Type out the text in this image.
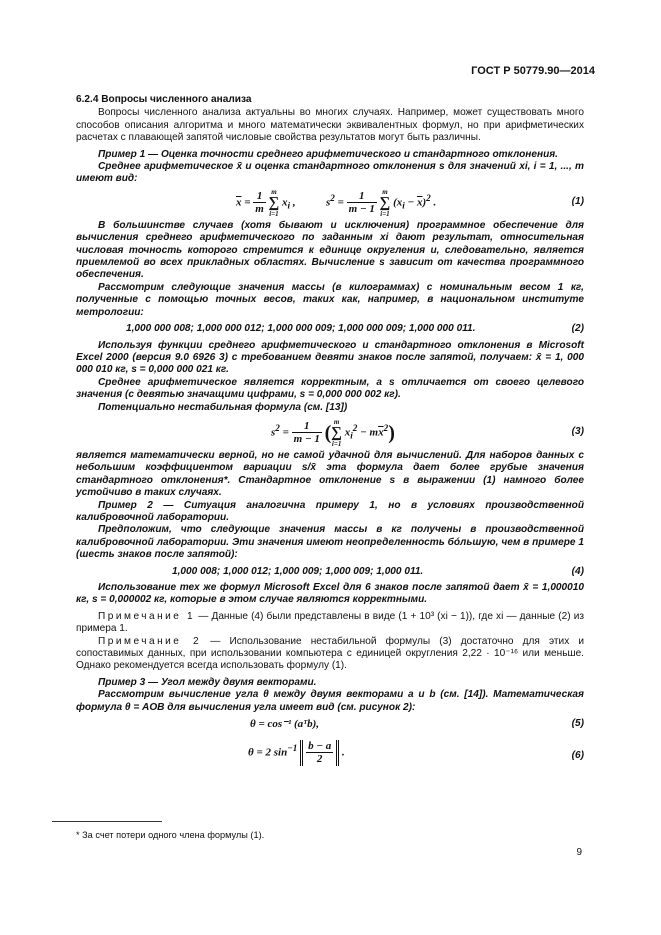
ГОСТ Р 50779.90—2014

6.2.4 Вопросы численного анализа

Вопросы численного анализа актуальны во многих случаях. Например, может существовать много способов описания алгоритма и много математически эквивалентных формул, но при арифметических расчетах с плавающей запятой числовые свойства результатов могут быть различны.

Пример 1 — Оценка точности среднего арифметического и стандартного отклонения.

Среднее арифметическое x̄ и оценка стандартного отклонения s для значений xi, i = 1, ..., m имеют вид:

$\overline{x} = \frac{1}{m}$ m
∑
i=1 $x_i$ ,	$s^2 = \frac{1}{m - 1}$ m
∑
i=1 $(x_i - \overline{x})^2$ .	(1)

В большинстве случаев (хотя бывают и исключения) программное обеспечение для вычисления среднего арифметического по заданным xi дают результат, относительная числовая точность которого стремится к единице округления и, следовательно, является приемлемой во всех прикладных областях. Вычисление s зависит от качества программного обеспечения.

Рассмотрим следующие значения массы (в килограммах) с номинальным весом 1 кг, полученные с помощью точных весов, таких как, например, в национальном институте метрологии:

1,000 000 008; 1,000 000 012; 1,000 000 009; 1,000 000 009; 1,000 000 011.	(2)

Используя функции среднего арифметического и стандартного отклонения в Microsoft Excel 2000 (версия 9.0 6926 3) с требованием девяти знаков после запятой, получаем: x̄ = 1, 000 000 010 кг, s = 0,000 000 021 кг.

Среднее арифметическое является корректным, а s отличается от своего целевого значения (с девятью значащими цифрами, s = 0,000 000 002 кг).

Потенциально нестабильная формула (см. [13])

$s^2 = \frac{1}{m - 1}$ ( m
∑
i=1 $x_i^2 - m\overline{x}^2$)	(3)

является математически верной, но не самой удачной для вычислений. Для наборов данных с небольшим коэффициентом вариации s/x̄ эта формула дает более грубые значения стандартного отклонения*. Стандартное отклонение s в выражении (1) намного более устойчиво в таких случаях.

Пример 2 — Ситуация аналогична примеру 1, но в условиях производственной калибровочной лаборатории.

Предположим, что следующие значения массы в кг получены в производственной калибровочной лаборатории. Эти значения имеют неопределенность бóльшую, чем в примере 1 (шесть знаков после запятой):

1,000 008; 1,000 012; 1,000 009; 1,000 009; 1,000 011.	(4)

Использование тех же формул Microsoft Excel для 6 знаков после запятой дает x̄ = 1,000010 кг, s = 0,000002 кг, которые в этом случае являются корректными.

Примечание 1 — Данные (4) были представлены в виде (1 + 10³ (xi − 1)), где xi — данные (2) из примера 1.

Примечание 2 — Использование нестабильной формулы (3) достаточно для этих и сопоставимых данных, при использовании компьютера с единицей округления 2,22 · 10⁻¹⁶ или меньше. Однако рекомендуется всегда использовать формулу (1).

Пример 3 — Угол между двумя векторами.

Рассмотрим вычисление угла θ между двумя векторами a и b (см. [14]). Математическая формула θ = AOB для вычисления угла имеет вид (см. рисунок 2):

θ = cos⁻¹ (aᵀb),	(5)
θ = 2 $\sin^{-1} \frac{b - a}{2}$ .	(6)
* За счет потери одного члена формулы (1).
9
